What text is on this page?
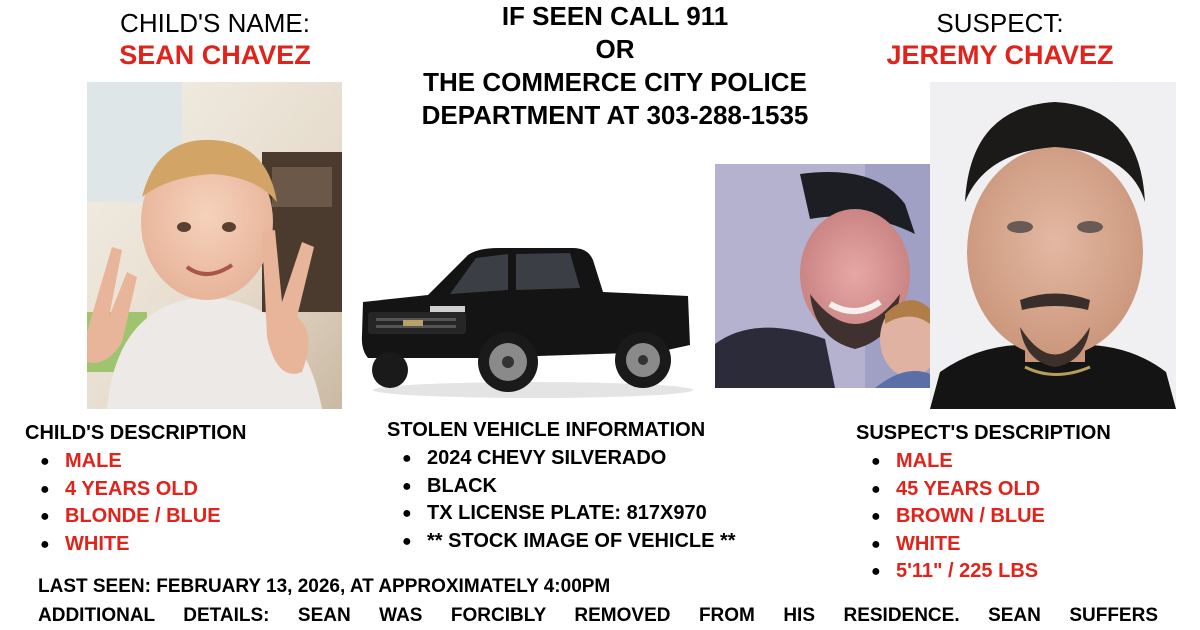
CHILD'S NAME:
SEAN CHAVEZ
IF SEEN CALL 911
OR
THE COMMERCE CITY POLICE
DEPARTMENT AT 303-288-1535
SUSPECT:
JEREMY CHAVEZ
CHILD'S DESCRIPTION
● MALE
● 4 YEARS OLD
● BLONDE / BLUE
● WHITE
STOLEN VEHICLE INFORMATION
● 2024 CHEVY SILVERADO
● BLACK
● TX LICENSE PLATE: 817X970
● ** STOCK IMAGE OF VEHICLE **
SUSPECT'S DESCRIPTION
● MALE
● 45 YEARS OLD
● BROWN / BLUE
● WHITE
● 5'11" / 225 LBS
LAST SEEN: FEBRUARY 13, 2026, AT APPROXIMATELY 4:00PM
ADDITIONAL DETAILS: SEAN WAS FORCIBLY REMOVED FROM HIS RESIDENCE. SEAN SUFFERS
